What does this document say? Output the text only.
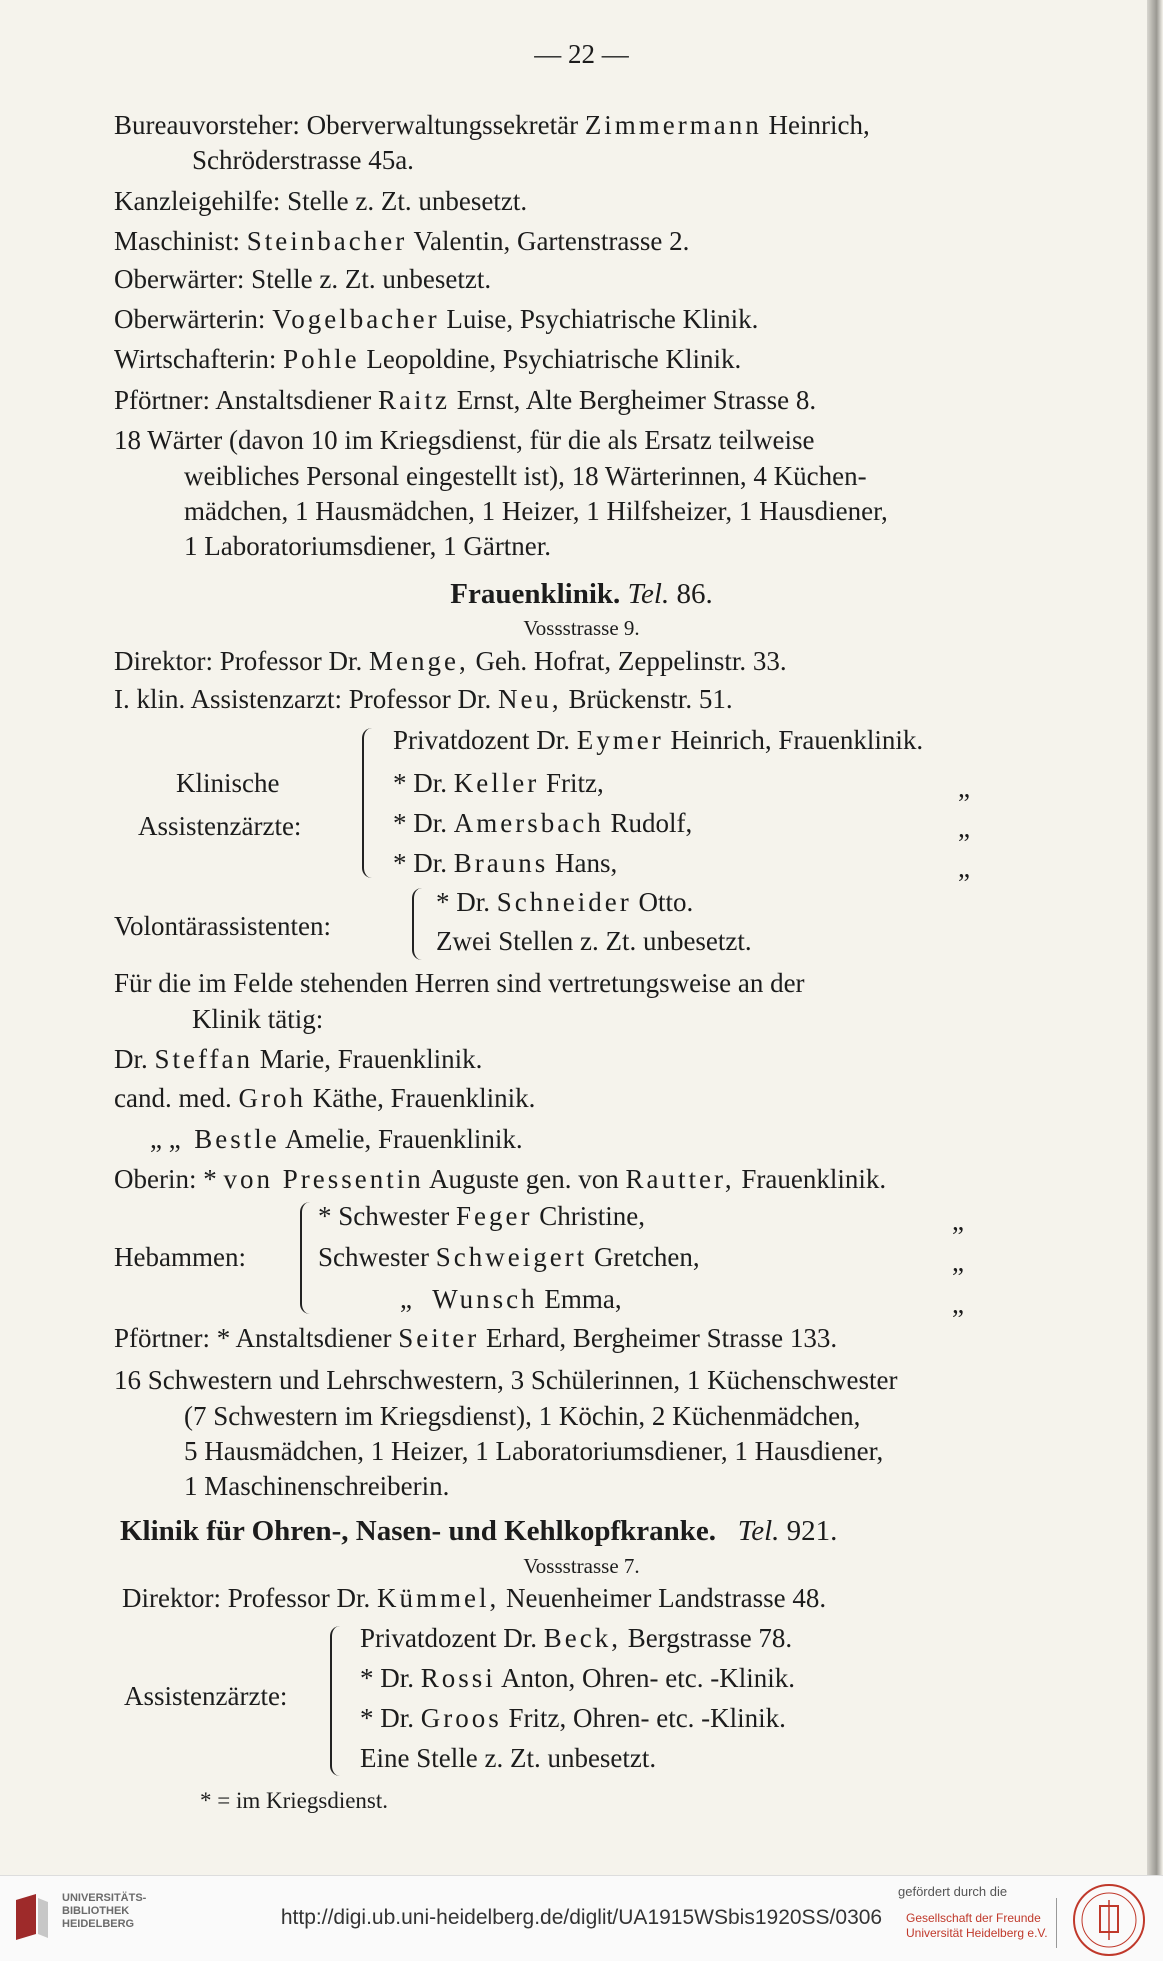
— 22 —
Bureauvorsteher: Oberverwaltungssekretär Zimmermann Heinrich,
Schröderstrasse 45a.
Kanzleigehilfe: Stelle z. Zt. unbesetzt.
Maschinist: Steinbacher Valentin, Gartenstrasse 2.
Oberwärter: Stelle z. Zt. unbesetzt.
Oberwärterin: Vogelbacher Luise, Psychiatrische Klinik.
Wirtschafterin: Pohle Leopoldine, Psychiatrische Klinik.
Pförtner: Anstaltsdiener Raitz Ernst, Alte Bergheimer Strasse 8.
18 Wärter (davon 10 im Kriegsdienst, für die als Ersatz teilweise
weibliches Personal eingestellt ist), 18 Wärterinnen, 4 Küchen-
mädchen, 1 Hausmädchen, 1 Heizer, 1 Hilfsheizer, 1 Hausdiener,
1 Laboratoriumsdiener, 1 Gärtner.
Frauenklinik. Tel. 86.
Vossstrasse 9.
Direktor: Professor Dr. Menge, Geh. Hofrat, Zeppelinstr. 33.
I. klin. Assistenzarzt: Professor Dr. Neu, Brückenstr. 51.
Klinische
Assistenzärzte:
Privatdozent Dr. Eymer Heinrich, Frauenklinik.
* Dr. Keller Fritz,	„
* Dr. Amersbach Rudolf,	„
* Dr. Brauns Hans,	„
Volontärassistenten:
* Dr. Schneider Otto.
Zwei Stellen z. Zt. unbesetzt.
Für die im Felde stehenden Herren sind vertretungsweise an der
Klinik tätig:
Dr. Steffan Marie, Frauenklinik.
cand. med. Groh Käthe, Frauenklinik.
„ „ Bestle Amelie, Frauenklinik.
Oberin: * von Pressentin Auguste gen. von Rautter, Frauenklinik.
Hebammen:
* Schwester Feger Christine,	„
Schwester Schweigert Gretchen,	„
„ Wunsch Emma,	„
Pförtner: * Anstaltsdiener Seiter Erhard, Bergheimer Strasse 133.
16 Schwestern und Lehrschwestern, 3 Schülerinnen, 1 Küchenschwester
(7 Schwestern im Kriegsdienst), 1 Köchin, 2 Küchenmädchen,
5 Hausmädchen, 1 Heizer, 1 Laboratoriumsdiener, 1 Hausdiener,
1 Maschinenschreiberin.
Klinik für Ohren-, Nasen- und Kehlkopfkranke. Tel. 921.
Vossstrasse 7.
Direktor: Professor Dr. Kümmel, Neuenheimer Landstrasse 48.
Assistenzärzte:
Privatdozent Dr. Beck, Bergstrasse 78.
* Dr. Rossi Anton, Ohren- etc. -Klinik.
* Dr. Groos Fritz, Ohren- etc. -Klinik.
Eine Stelle z. Zt. unbesetzt.
* = im Kriegsdienst.
UNIVERSITÄTS-
BIBLIOTHEK
HEIDELBERG	http://digi.ub.uni-heidelberg.de/diglit/UA1915WSbis1920SS/0306
gefördert durch die
Gesellschaft der Freunde
Universität Heidelberg e.V.
